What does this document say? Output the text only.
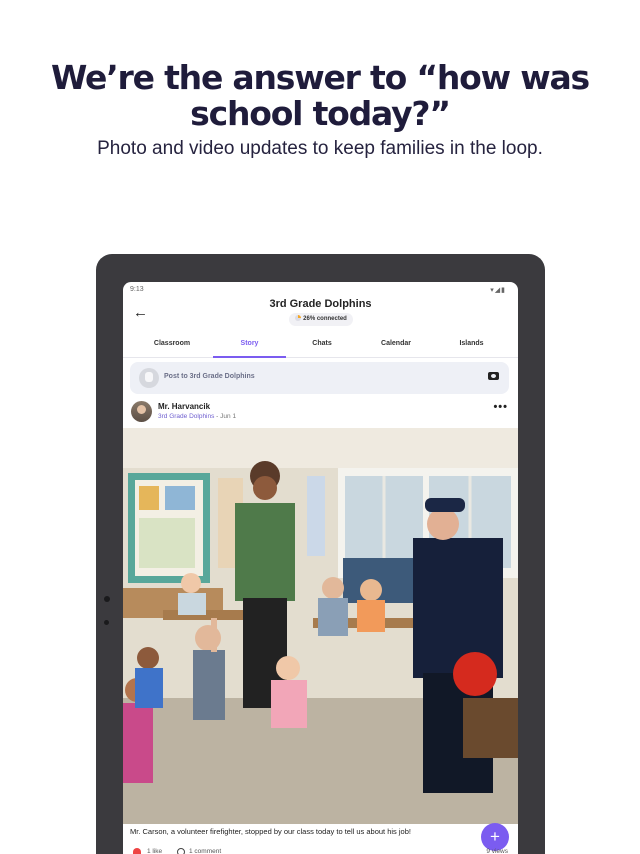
We’re the answer to “how was
school today?”
Photo and video updates to keep families in the loop.
9:13	▾◢▮
←	3rd Grade Dolphins
26% connected
Classroom	Story	Chats	Calendar	Islands
Post to 3rd Grade Dolphins
Mr. Harvancik
3rd Grade Dolphins - Jun 1
•••
Mr. Carson, a volunteer firefighter, stopped by our class today to tell us about his job!	+
1 like	1 comment	9 views
